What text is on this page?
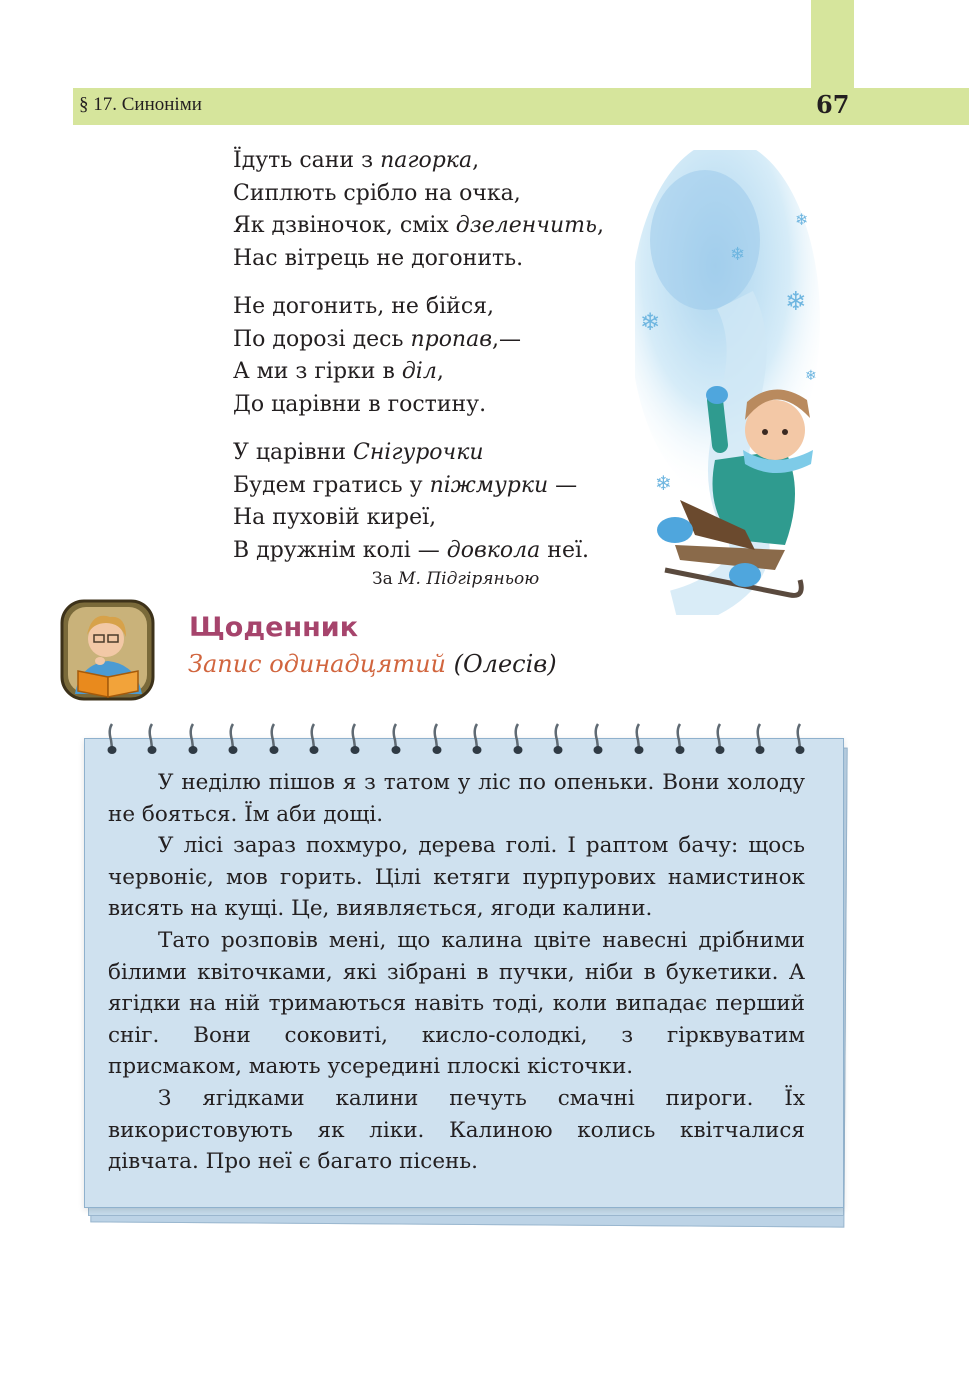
§ 17. Синоніми	67
Їдуть сани з пагорка,
Сиплють срібло на очка,
Як дзвіночок, сміх дзеленчить,
Нас вітрець не догонить.
Не догонить, не бійся,
По дорозі десь пропав,—
А ми з гірки в діл,
До царівни в гостину.
У царівни Снігурочки
Будем гратись у піжмурки —
На пуховій киреї,
В дружнім колі — довкола неї.
За М. Підгіряньою
❄
❄
❄
❄
❄
❄
Щоденник
Запис одинадцятий (Олесів)

У неділю пішов я з татом у ліс по опеньки. Вони холоду не бояться. Їм аби дощі.

У лісі зараз похмуро, дерева голі. І раптом бачу: щось червоніє, мов горить. Цілі кетяги пурпурових намистинок висять на кущі. Це, виявляється, ягоди калини.

Тато розповів мені, що калина цвіте навесні дрібними білими квіточками, які зібрані в пучки, ніби в букетики. А ягідки на ній тримаються навіть тоді, коли випадає перший сніг. Вони соковиті, кисло-солодкі, з гірквуватим присмаком, мають усередині плоскі кісточки.

З ягідками калини печуть смачні пироги. Їх використовують як ліки. Калиною колись квітчалися дівчата. Про неї є багато пісень.
